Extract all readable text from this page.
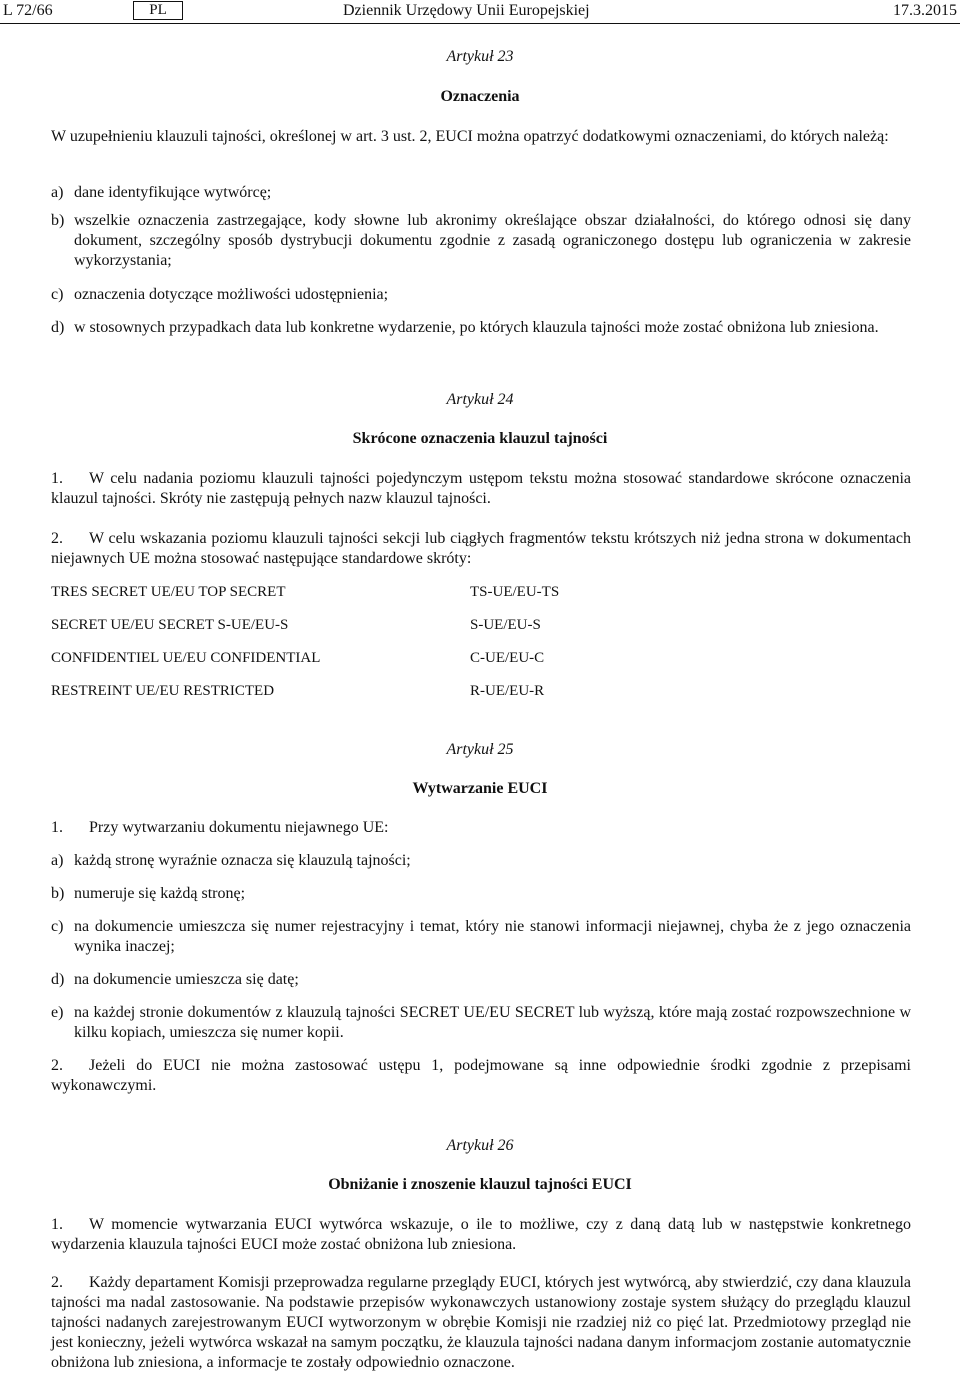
L 72/66	PL	Dziennik Urzędowy Unii Europejskiej	17.3.2015
Artykuł 23
Oznaczenia
W uzupełnieniu klauzuli tajności, określonej w art. 3 ust. 2, EUCI można opatrzyć dodatkowymi oznaczeniami, do których należą:
a) dane identyfikujące wytwórcę;
b) wszelkie oznaczenia zastrzegające, kody słowne lub akronimy określające obszar działalności, do którego odnosi się dany dokument, szczególny sposób dystrybucji dokumentu zgodnie z zasadą ograniczonego dostępu lub ograniczenia w zakresie wykorzystania;
c) oznaczenia dotyczące możliwości udostępnienia;
d) w stosownych przypadkach data lub konkretne wydarzenie, po których klauzula tajności może zostać obniżona lub zniesiona.
Artykuł 24
Skrócone oznaczenia klauzul tajności
1. W celu nadania poziomu klauzuli tajności pojedynczym ustępom tekstu można stosować standardowe skrócone oznaczenia klauzul tajności. Skróty nie zastępują pełnych nazw klauzul tajności.
2. W celu wskazania poziomu klauzuli tajności sekcji lub ciągłych fragmentów tekstu krótszych niż jedna strona w dokumentach niejawnych UE można stosować następujące standardowe skróty:
TRES SECRET UE/EU TOP SECRET	TS-UE/EU-TS
SECRET UE/EU SECRET S-UE/EU-S	S-UE/EU-S
CONFIDENTIEL UE/EU CONFIDENTIAL	C-UE/EU-C
RESTREINT UE/EU RESTRICTED	R-UE/EU-R
Artykuł 25
Wytwarzanie EUCI
1. Przy wytwarzaniu dokumentu niejawnego UE:
a) każdą stronę wyraźnie oznacza się klauzulą tajności;
b) numeruje się każdą stronę;
c) na dokumencie umieszcza się numer rejestracyjny i temat, który nie stanowi informacji niejawnej, chyba że z jego oznaczenia wynika inaczej;
d) na dokumencie umieszcza się datę;
e) na każdej stronie dokumentów z klauzulą tajności SECRET UE/EU SECRET lub wyższą, które mają zostać rozpowszechnione w kilku kopiach, umieszcza się numer kopii.
2. Jeżeli do EUCI nie można zastosować ustępu 1, podejmowane są inne odpowiednie środki zgodnie z przepisami wykonawczymi.
Artykuł 26
Obniżanie i znoszenie klauzul tajności EUCI
1. W momencie wytwarzania EUCI wytwórca wskazuje, o ile to możliwe, czy z daną datą lub w następstwie konkretnego wydarzenia klauzula tajności EUCI może zostać obniżona lub zniesiona.
2. Każdy departament Komisji przeprowadza regularne przeglądy EUCI, których jest wytwórcą, aby stwierdzić, czy dana klauzula tajności ma nadal zastosowanie. Na podstawie przepisów wykonawczych ustanowiony zostaje system służący do przeglądu klauzul tajności nadanych zarejestrowanym EUCI wytworzonym w obrębie Komisji nie rzadziej niż co pięć lat. Przedmiotowy przegląd nie jest konieczny, jeżeli wytwórca wskazał na samym początku, że klauzula tajności nadana danym informacjom zostanie automatycznie obniżona lub zniesiona, a informacje te zostały odpowiednio oznaczone.
